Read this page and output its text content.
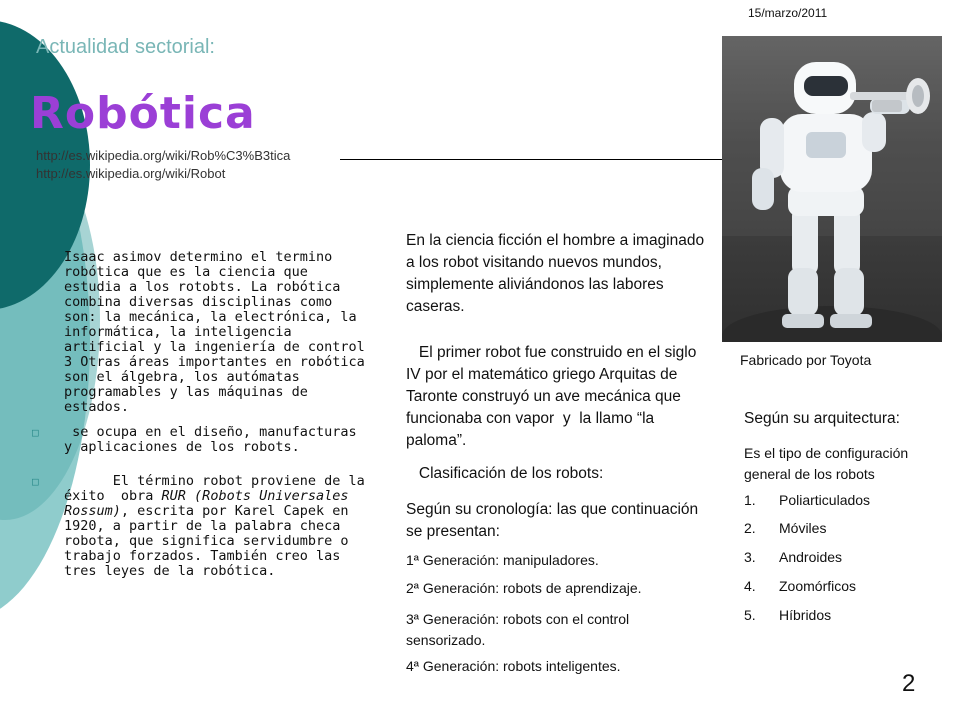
15/marzo/2011
Actualidad sectorial:
Robótica
http://es.wikipedia.org/wiki/Rob%C3%B3tica
http://es.wikipedia.org/wiki/Robot
Fabricado por Toyota
Isaac asimov determino el termino robótica que es la ciencia que estudia a los rotobts. La robótica combina diversas disciplinas como son: la mecánica, la electrónica, la informática, la inteligencia artificial y la ingeniería de control 3 Otras áreas importantes en robótica son el álgebra, los autómatas programables y las máquinas de estados.
□ se ocupa en el diseño, manufacturas y aplicaciones de los robots.
□ El término robot proviene de la éxito  obra RUR (Robots Universales Rossum), escrita por Karel Capek en 1920, a partir de la palabra checa robota, que significa servidumbre o trabajo forzados. También creo las tres leyes de la robótica.
En la ciencia ficción el hombre a imaginado a los robot visitando nuevos mundos, simplemente aliviándonos las labores caseras.
El primer robot fue construido en el siglo IV por el matemático griego Arquitas de Taronte construyó un ave mecánica que funcionaba con vapor  y  la llamo “la paloma”.
Clasificación de los robots:
Según su cronología: las que continuación se presentan:
1ª Generación: manipuladores.
2ª Generación: robots de aprendizaje.
3ª Generación: robots con el control sensorizado.
4ª Generación: robots inteligentes.
Según su arquitectura:
Es el tipo de configuración general de los robots
1. Poliarticulados
2. Móviles
3. Androides
4. Zoomórficos
5. Híbridos
2
